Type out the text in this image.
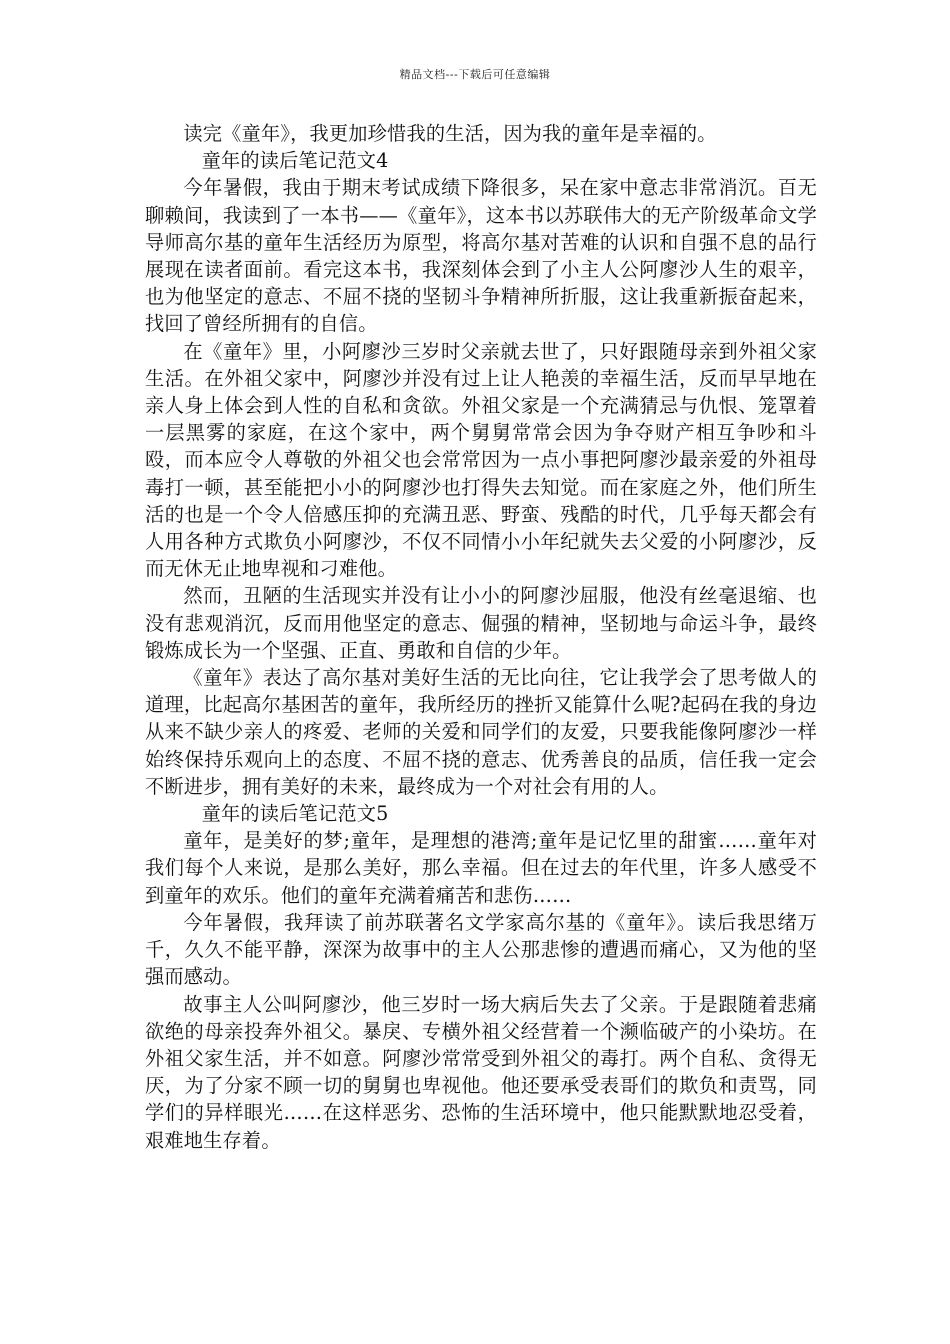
精品文档---下载后可任意编辑

读完《童年》，我更加珍惜我的生活，因为我的童年是幸福的。

童年的读后笔记范文4

今年暑假，我由于期末考试成绩下降很多，呆在家中意志非常消沉。百无聊赖间，我读到了一本书——《童年》，这本书以苏联伟大的无产阶级革命文学导师高尔基的童年生活经历为原型，将高尔基对苦难的认识和自强不息的品行展现在读者面前。看完这本书，我深刻体会到了小主人公阿廖沙人生的艰辛，也为他坚定的意志、不屈不挠的坚韧斗争精神所折服，这让我重新振奋起来，找回了曾经所拥有的自信。

在《童年》里，小阿廖沙三岁时父亲就去世了，只好跟随母亲到外祖父家生活。在外祖父家中，阿廖沙并没有过上让人艳羡的幸福生活，反而早早地在亲人身上体会到人性的自私和贪欲。外祖父家是一个充满猜忌与仇恨、笼罩着一层黑雾的家庭，在这个家中，两个舅舅常常会因为争夺财产相互争吵和斗殴，而本应令人尊敬的外祖父也会常常因为一点小事把阿廖沙最亲爱的外祖母毒打一顿，甚至能把小小的阿廖沙也打得失去知觉。而在家庭之外，他们所生活的也是一个令人倍感压抑的充满丑恶、野蛮、残酷的时代，几乎每天都会有人用各种方式欺负小阿廖沙，不仅不同情小小年纪就失去父爱的小阿廖沙，反而无休无止地卑视和刁难他。

然而，丑陋的生活现实并没有让小小的阿廖沙屈服，他没有丝毫退缩、也没有悲观消沉，反而用他坚定的意志、倔强的精神，坚韧地与命运斗争，最终锻炼成长为一个坚强、正直、勇敢和自信的少年。

《童年》表达了高尔基对美好生活的无比向往，它让我学会了思考做人的道理，比起高尔基困苦的童年，我所经历的挫折又能算什么呢?起码在我的身边从来不缺少亲人的疼爱、老师的关爱和同学们的友爱，只要我能像阿廖沙一样始终保持乐观向上的态度、不屈不挠的意志、优秀善良的品质，信任我一定会不断进步，拥有美好的未来，最终成为一个对社会有用的人。

童年的读后笔记范文5

童年，是美好的梦;童年，是理想的港湾;童年是记忆里的甜蜜……童年对我们每个人来说，是那么美好，那么幸福。但在过去的年代里，许多人感受不到童年的欢乐。他们的童年充满着痛苦和悲伤……

今年暑假，我拜读了前苏联著名文学家高尔基的《童年》。读后我思绪万千，久久不能平静，深深为故事中的主人公那悲惨的遭遇而痛心，又为他的坚强而感动。

故事主人公叫阿廖沙，他三岁时一场大病后失去了父亲。于是跟随着悲痛欲绝的母亲投奔外祖父。暴戾、专横外祖父经营着一个濒临破产的小染坊。在外祖父家生活，并不如意。阿廖沙常常受到外祖父的毒打。两个自私、贪得无厌，为了分家不顾一切的舅舅也卑视他。他还要承受表哥们的欺负和责骂，同学们的异样眼光……在这样恶劣、恐怖的生活环境中，他只能默默地忍受着，艰难地生存着。
